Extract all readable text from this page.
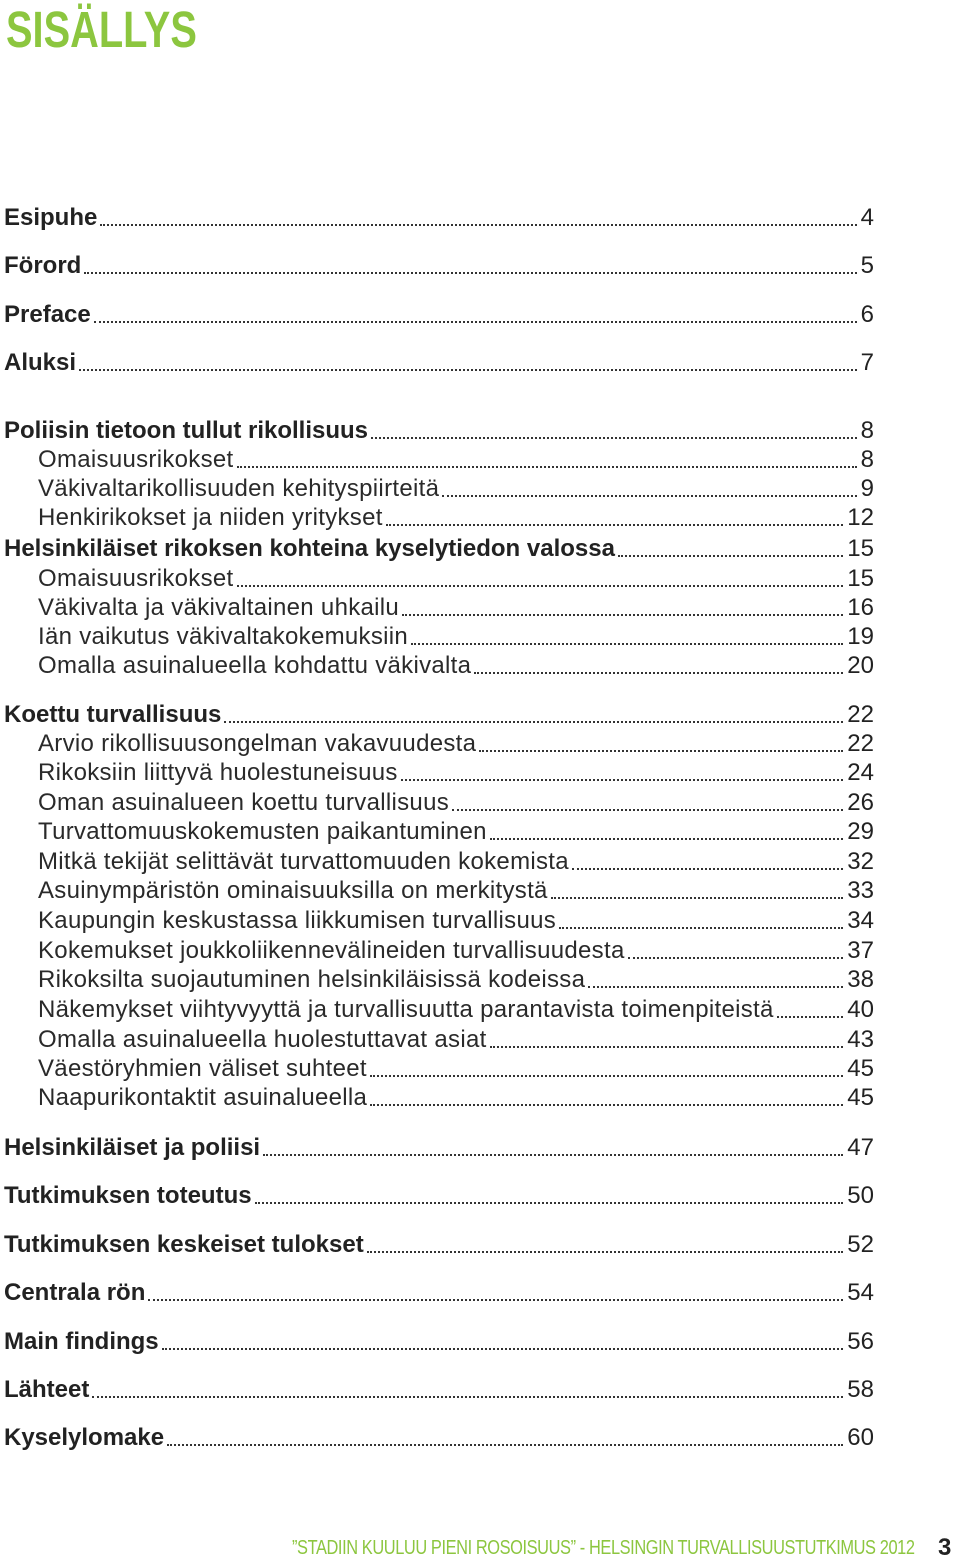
SISÄLLYS
Esipuhe	4
Förord	5
Preface	6
Aluksi	7
Poliisin tietoon tullut rikollisuus	8
Omaisuusrikokset	8
Väkivaltarikollisuuden kehityspiirteitä	9
Henkirikokset ja niiden yritykset	12
Helsinkiläiset rikoksen kohteina kyselytiedon valossa	15
Omaisuusrikokset	15
Väkivalta ja väkivaltainen uhkailu	16
Iän vaikutus väkivaltakokemuksiin	19
Omalla asuinalueella kohdattu väkivalta	20
Koettu turvallisuus	22
Arvio rikollisuusongelman vakavuudesta	22
Rikoksiin liittyvä huolestuneisuus	24
Oman asuinalueen koettu turvallisuus	26
Turvattomuuskokemusten paikantuminen	29
Mitkä tekijät selittävät turvattomuuden kokemista	32
Asuinympäristön ominaisuuksilla on merkitystä	33
Kaupungin keskustassa liikkumisen turvallisuus	34
Kokemukset joukkoliikennevälineiden turvallisuudesta	37
Rikoksilta suojautuminen helsinkiläisissä kodeissa	38
Näkemykset viihtyvyyttä ja turvallisuutta parantavista toimenpiteistä	40
Omalla asuinalueella huolestuttavat asiat	43
Väestöryhmien väliset suhteet	45
Naapurikontaktit asuinalueella	45
Helsinkiläiset ja poliisi	47
Tutkimuksen toteutus	50
Tutkimuksen keskeiset tulokset	52
Centrala rön	54
Main findings	56
Lähteet	58
Kyselylomake	60
”STADIIN KUULUU PIENI ROSOISUUS” - HELSINGIN TURVALLISUUSTUTKIMUS 2012 3
